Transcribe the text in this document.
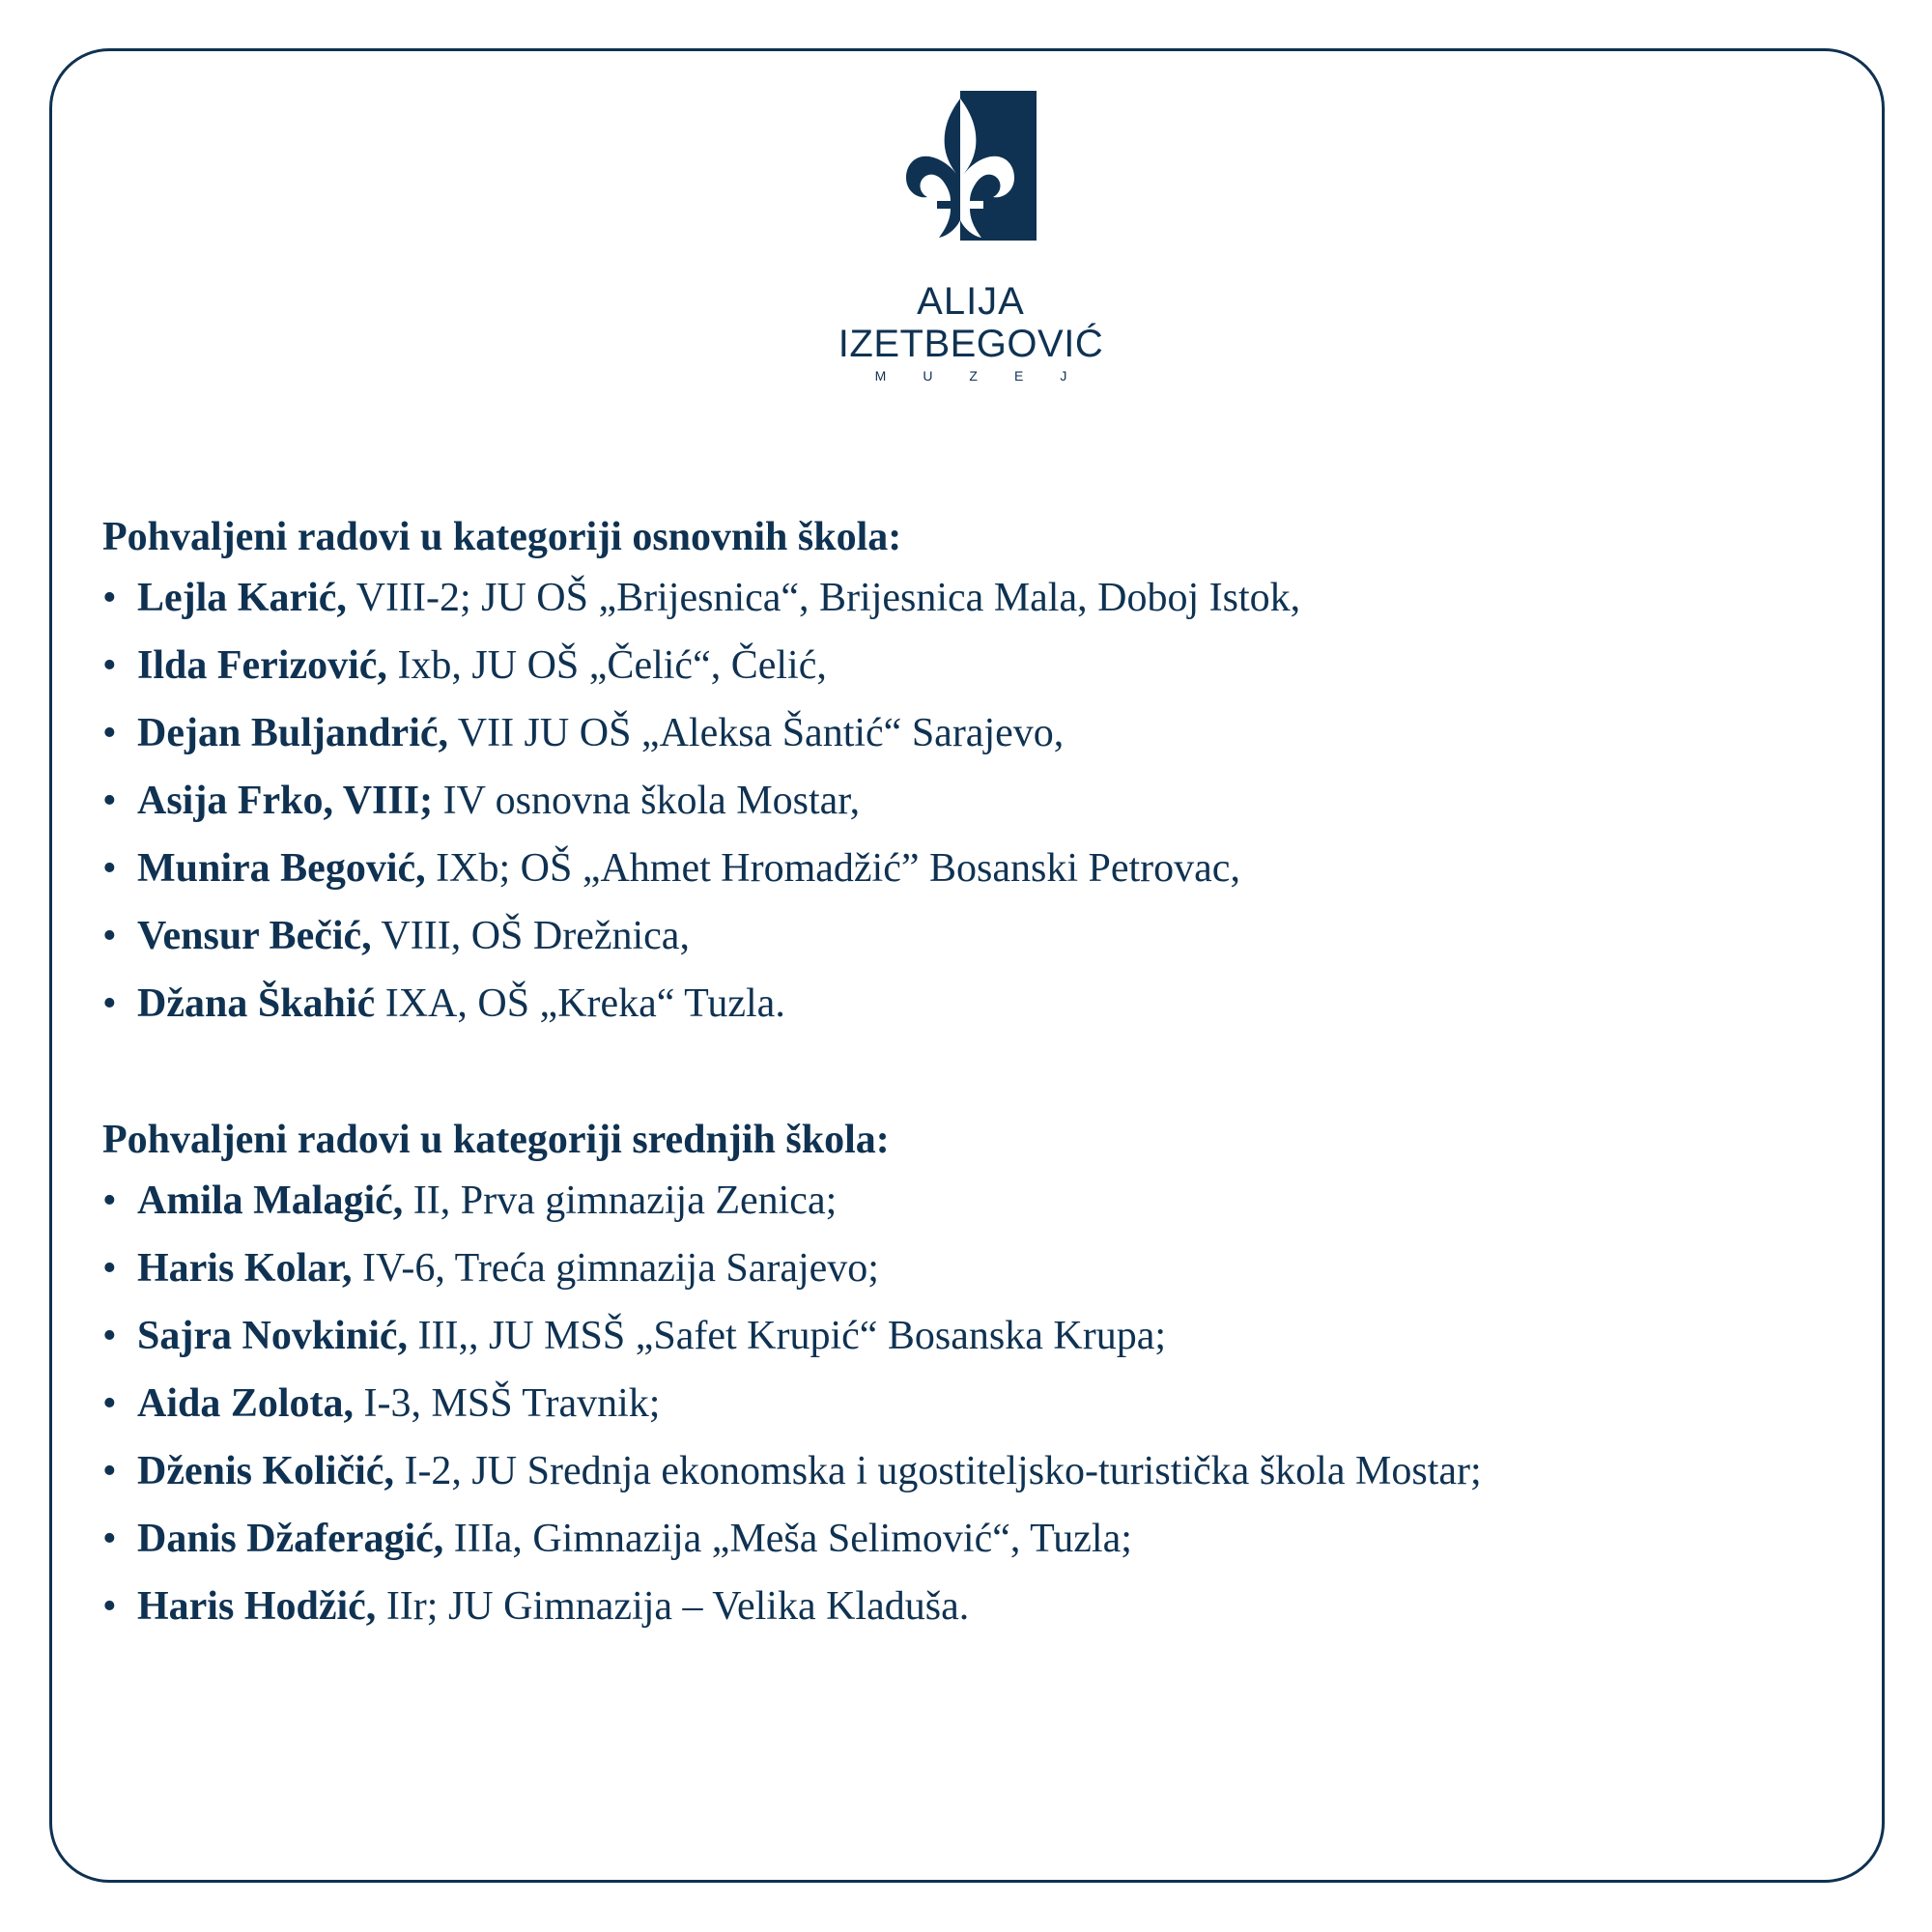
ALIJA
IZETBEGOVIĆ
MUZEJ

Pohvaljeni radovi u kategoriji osnovnih škola:

• Lejla Karić, VIII-2; JU OŠ „Brijesnica“, Brijesnica Mala, Doboj Istok,
• Ilda Ferizović, Ixb, JU OŠ „Čelić“, Čelić,
• Dejan Buljandrić, VII JU OŠ „Aleksa Šantić“ Sarajevo,
• Asija Frko, VIII; IV osnovna škola Mostar,
• Munira Begović, IXb; OŠ „Ahmet Hromadžić” Bosanski Petrovac,
• Vensur Bečić, VIII, OŠ Drežnica,
• Džana Škahić IXA, OŠ „Kreka“ Tuzla.

Pohvaljeni radovi u kategoriji srednjih škola:

• Amila Malagić, II, Prva gimnazija Zenica;
• Haris Kolar, IV-6, Treća gimnazija Sarajevo;
• Sajra Novkinić, III,, JU MSŠ „Safet Krupić“ Bosanska Krupa;
• Aida Zolota, I-3, MSŠ Travnik;
• Dženis Količić, I-2, JU Srednja ekonomska i ugostiteljsko-turistička škola Mostar;
• Danis Džaferagić, IIIa, Gimnazija „Meša Selimović“, Tuzla;
• Haris Hodžić, IIr; JU Gimnazija – Velika Kladuša.
